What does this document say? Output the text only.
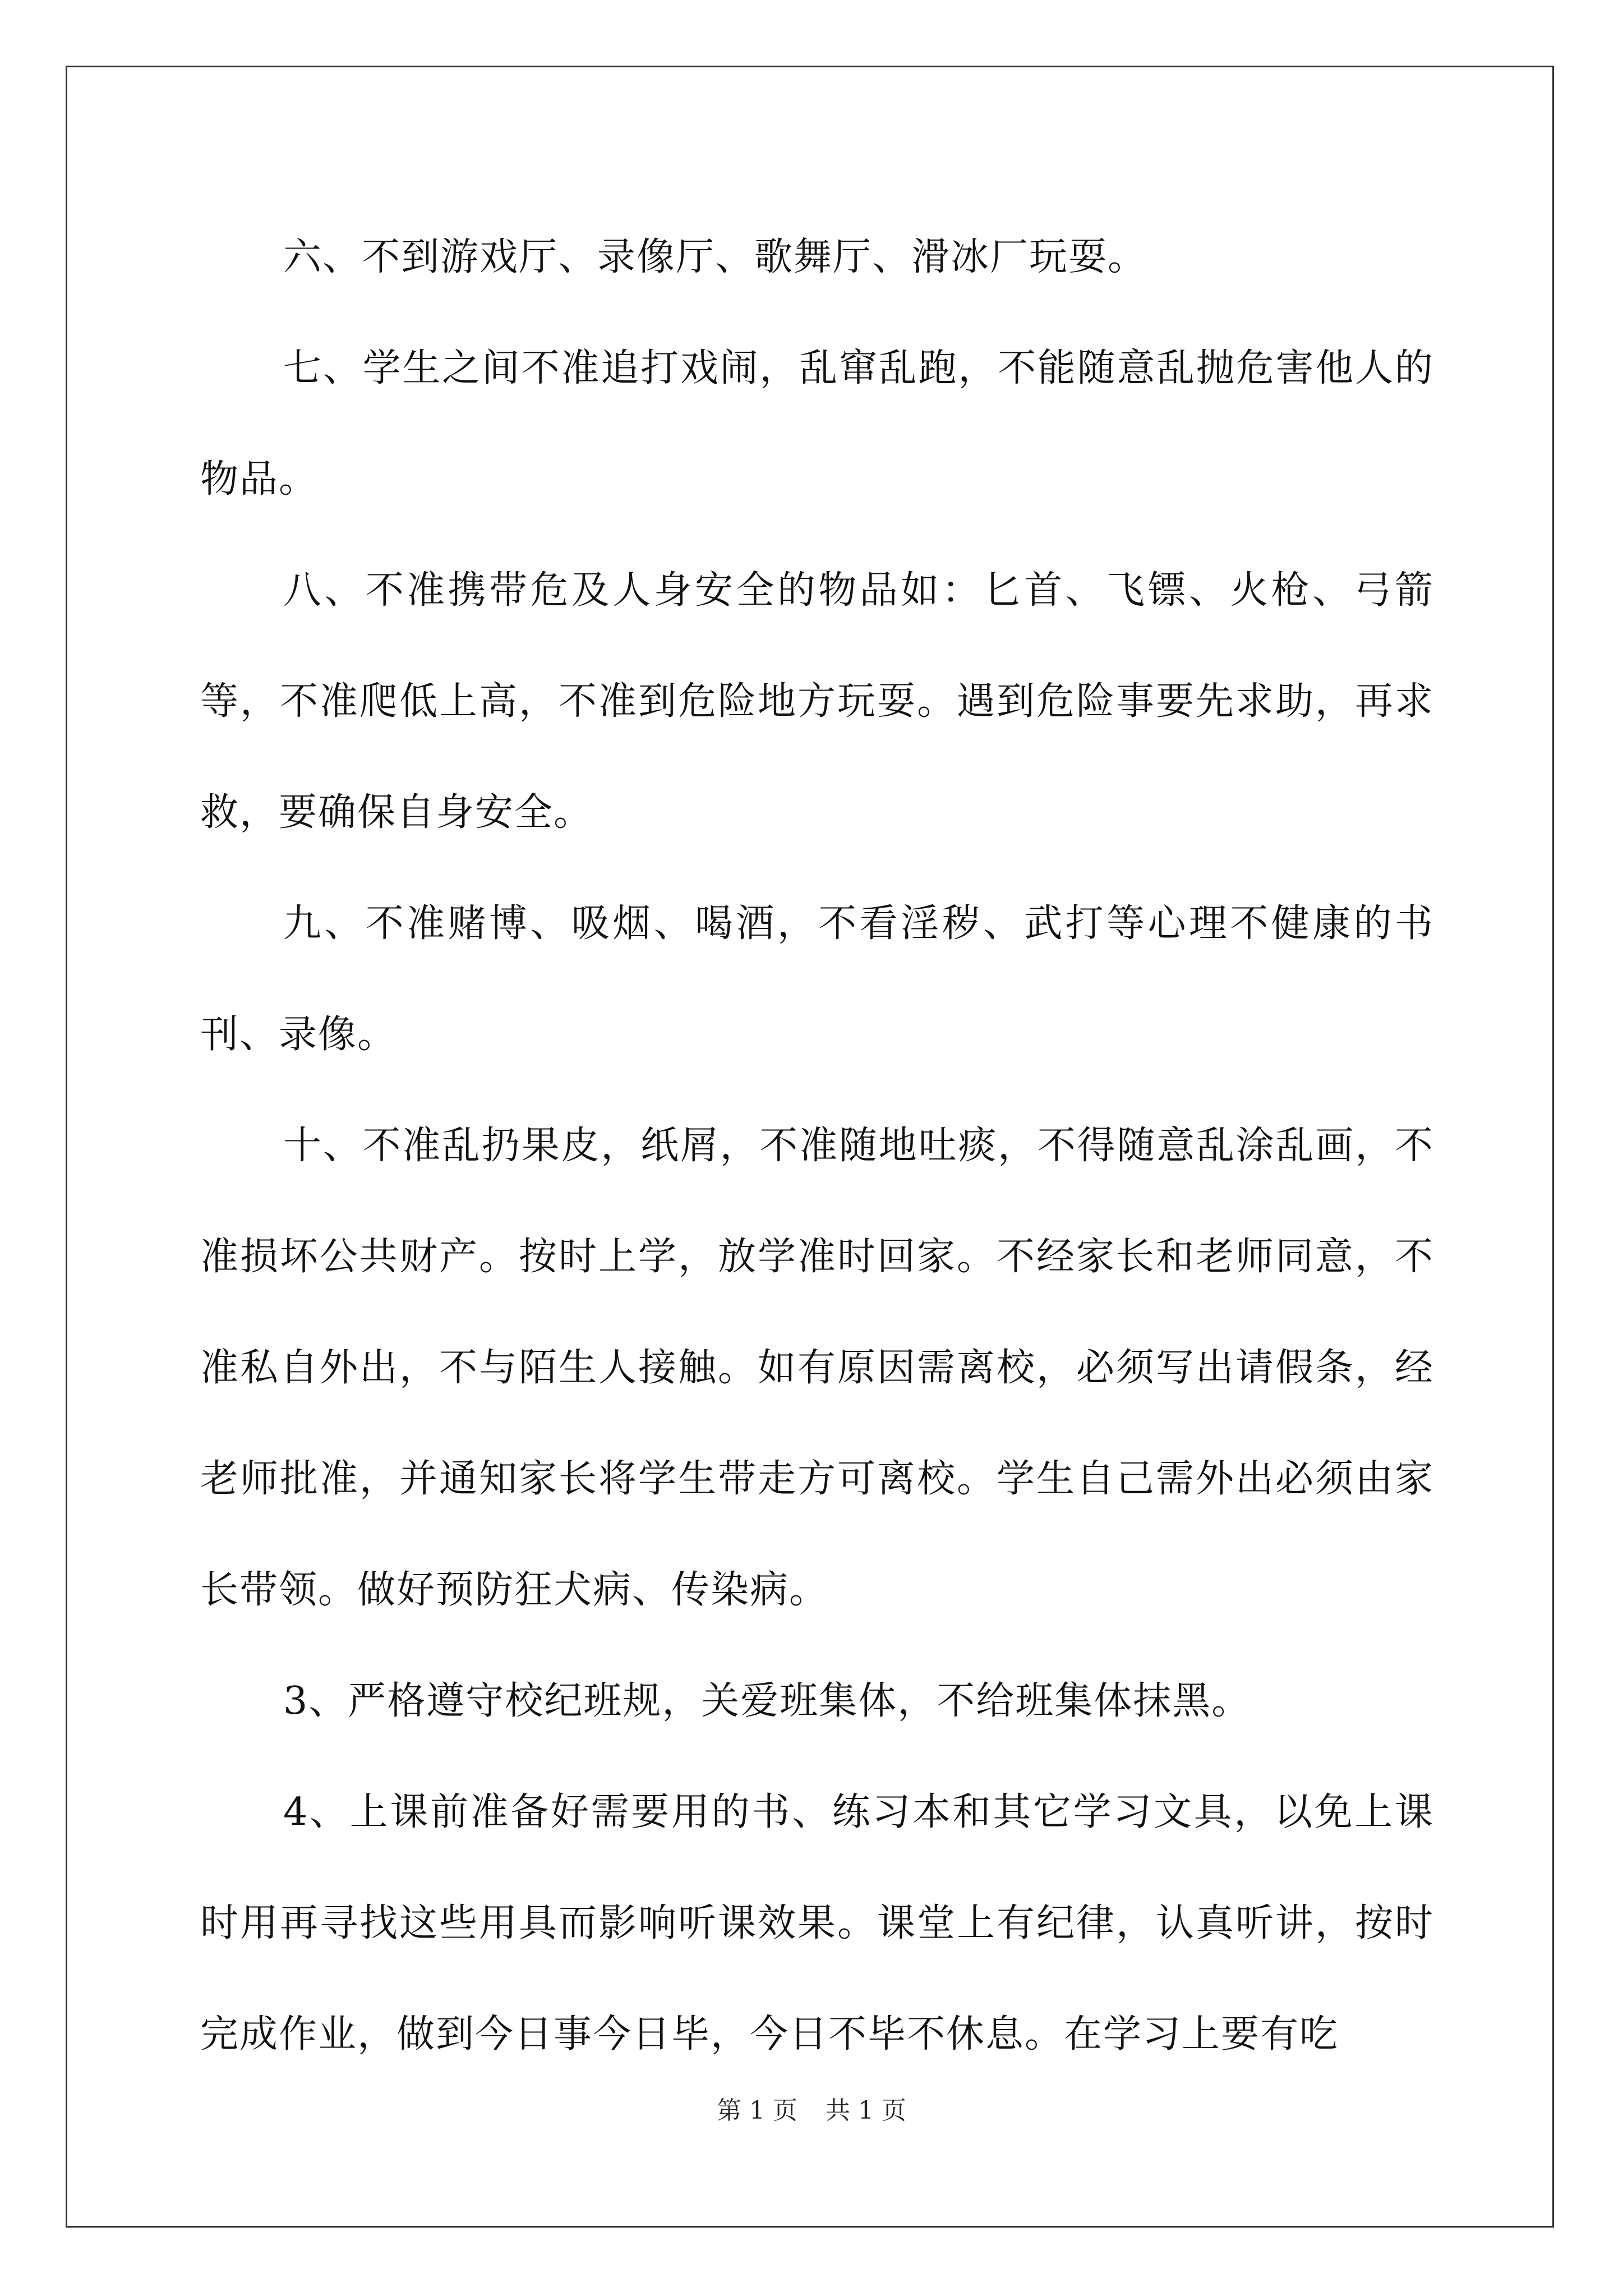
六、不到游戏厅、录像厅、歌舞厅、滑冰厂玩耍。

七、学生之间不准追打戏闹，乱窜乱跑，不能随意乱抛危害他人的物品。

八、不准携带危及人身安全的物品如：匕首、飞镖、火枪、弓箭等，不准爬低上高，不准到危险地方玩耍。遇到危险事要先求助，再求救，要确保自身安全。

九、不准赌博、吸烟、喝酒，不看淫秽、武打等心理不健康的书刊、录像。

十、不准乱扔果皮，纸屑，不准随地吐痰，不得随意乱涂乱画，不准损坏公共财产。按时上学，放学准时回家。不经家长和老师同意，不准私自外出，不与陌生人接触。如有原因需离校，必须写出请假条，经老师批准，并通知家长将学生带走方可离校。学生自己需外出必须由家长带领。做好预防狂犬病、传染病。

3、严格遵守校纪班规，关爱班集体，不给班集体抹黑。

4、上课前准备好需要用的书、练习本和其它学习文具，以免上课时用再寻找这些用具而影响听课效果。课堂上有纪律，认真听讲，按时完成作业，做到今日事今日毕，今日不毕不休息。在学习上要有吃

第 1 页 共 1 页
